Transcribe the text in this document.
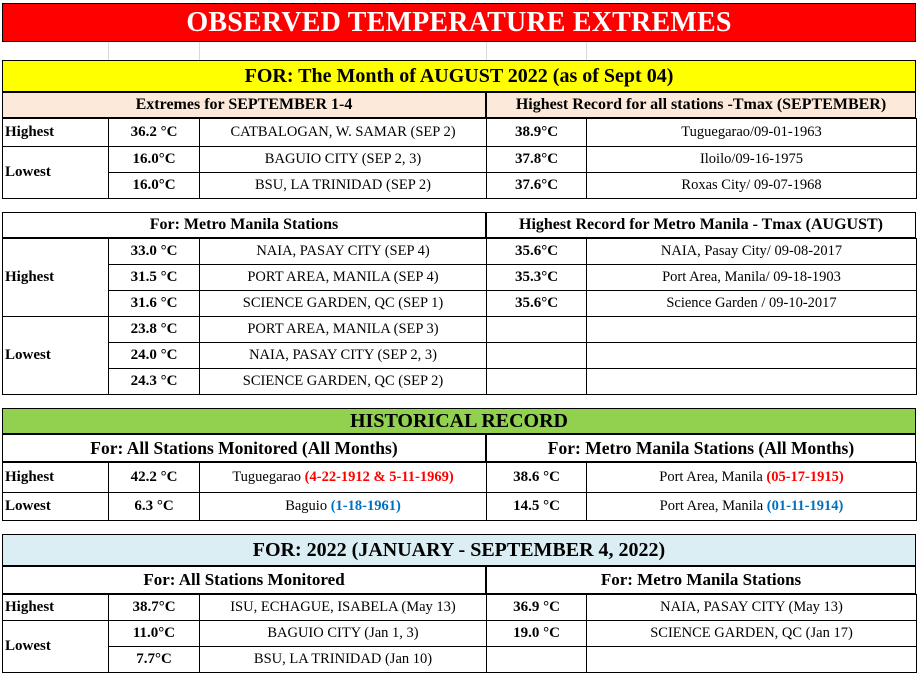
OBSERVED TEMPERATURE EXTREMES
FOR: The Month of AUGUST 2022 (as of Sept 04)
Extremes for SEPTEMBER 1-4	Highest Record for all stations -Tmax (SEPTEMBER)
Highest	36.2 °C	CATBALOGAN, W. SAMAR (SEP 2)	38.9°C	Tuguegarao/09-01-1963
Lowest	16.0°C	BAGUIO CITY (SEP 2, 3)	37.8°C	Iloilo/09-16-1975
	16.0°C	BSU, LA TRINIDAD (SEP 2)	37.6°C	Roxas City/ 09-07-1968
For: Metro Manila Stations	Highest Record for Metro Manila - Tmax (AUGUST)
Highest	33.0 °C	NAIA, PASAY CITY (SEP 4)	35.6°C	NAIA, Pasay City/ 09-08-2017
	31.5 °C	PORT AREA, MANILA (SEP 4)	35.3°C	Port Area, Manila/ 09-18-1903
	31.6 °C	SCIENCE GARDEN, QC (SEP 1)	35.6°C	Science Garden / 09-10-2017
Lowest	23.8 °C	PORT AREA, MANILA (SEP 3)		
	24.0 °C	NAIA, PASAY CITY (SEP 2, 3)		
	24.3 °C	SCIENCE GARDEN, QC (SEP 2)		
HISTORICAL RECORD
For: All Stations Monitored (All Months)	For: Metro Manila Stations (All Months)
Highest	42.2 °C	Tuguegarao (4-22-1912 & 5-11-1969)	38.6 °C	Port Area, Manila (05-17-1915)
Lowest	6.3 °C	Baguio (1-18-1961)	14.5 °C	Port Area, Manila (01-11-1914)
FOR: 2022 (JANUARY - SEPTEMBER 4, 2022)
For: All Stations Monitored	For: Metro Manila Stations
Highest	38.7°C	ISU, ECHAGUE, ISABELA (May 13)	36.9 °C	NAIA, PASAY CITY (May 13)
Lowest	11.0°C	BAGUIO CITY (Jan 1, 3)	19.0 °C	SCIENCE GARDEN, QC (Jan 17)
	7.7°C	BSU, LA TRINIDAD (Jan 10)		
